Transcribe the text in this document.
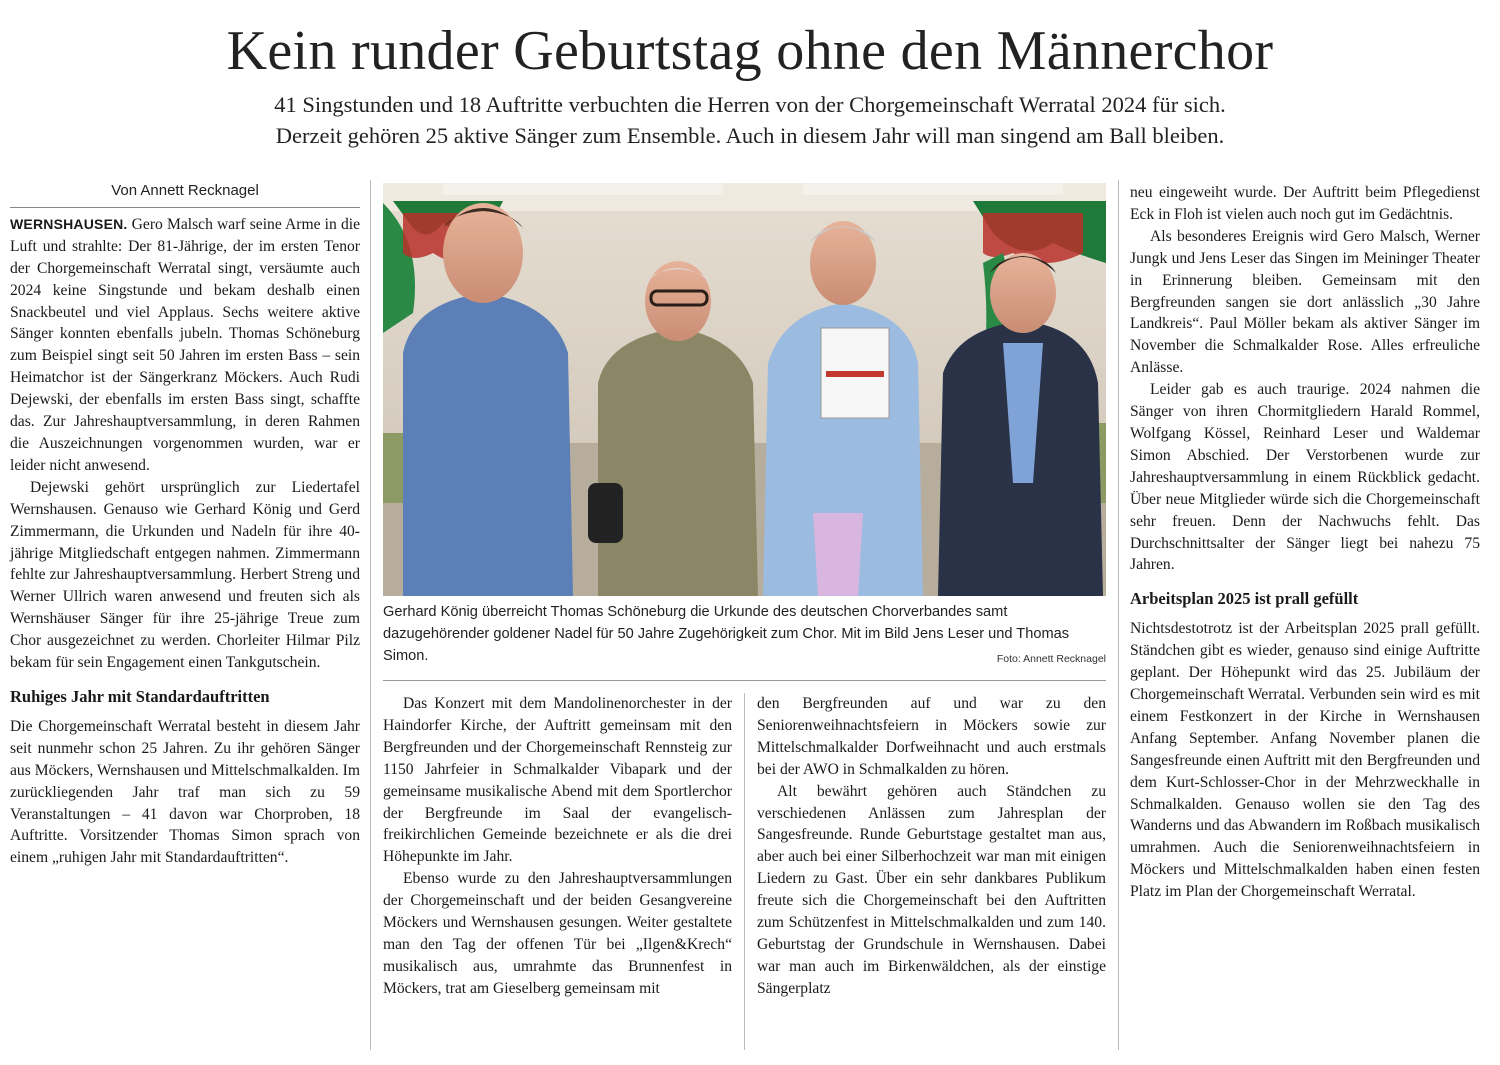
Kein runder Geburtstag ohne den Männerchor
41 Singstunden und 18 Auftritte verbuchten die Herren von der Chorgemeinschaft Werratal 2024 für sich.
Derzeit gehören 25 aktive Sänger zum Ensemble. Auch in diesem Jahr will man singend am Ball bleiben.
Von Annett Recknagel

WERNSHAUSEN. Gero Malsch warf seine Arme in die Luft und strahlte: Der 81-Jährige, der im ersten Tenor der Chorgemeinschaft Werratal singt, versäumte auch 2024 keine Singstunde und bekam deshalb einen Snackbeutel und viel Applaus. Sechs weitere aktive Sänger konnten ebenfalls jubeln. Thomas Schöneburg zum Beispiel singt seit 50 Jahren im ersten Bass – sein Heimatchor ist der Sängerkranz Möckers. Auch Rudi Dejewski, der ebenfalls im ersten Bass singt, schaffte das. Zur Jahreshauptversammlung, in deren Rahmen die Auszeichnungen vorgenommen wurden, war er leider nicht anwesend.

Dejewski gehört ursprünglich zur Liedertafel Wernshausen. Genauso wie Gerhard König und Gerd Zimmermann, die Urkunden und Nadeln für ihre 40-jährige Mitgliedschaft entgegen nahmen. Zimmermann fehlte zur Jahreshauptversammlung. Herbert Streng und Werner Ullrich waren anwesend und freuten sich als Wernshäuser Sänger für ihre 25-jährige Treue zum Chor ausgezeichnet zu werden. Chorleiter Hilmar Pilz bekam für sein Engagement einen Tankgutschein.

Ruhiges Jahr mit Standardauftritten

Die Chorgemeinschaft Werratal besteht in diesem Jahr seit nunmehr schon 25 Jahren. Zu ihr gehören Sänger aus Möckers, Wernshausen und Mittelschmalkalden. Im zurückliegenden Jahr traf man sich zu 59 Veranstaltungen – 41 davon war Chorproben, 18 Auftritte. Vorsitzender Thomas Simon sprach von einem „ruhigen Jahr mit Standardauftritten“.

Gerhard König überreicht Thomas Schöneburg die Urkunde des deutschen Chorverbandes samt dazugehörender goldener Nadel für 50 Jahre Zugehörigkeit zum Chor. Mit im Bild Jens Leser und Thomas Simon.	Foto: Annett Recknagel

Das Konzert mit dem Mandolinenorchester in der Haindorfer Kirche, der Auftritt gemeinsam mit den Bergfreunden und der Chorgemeinschaft Rennsteig zur 1150 Jahrfeier in Schmalkalder Vibapark und der gemeinsame musikalische Abend mit dem Sportlerchor der Bergfreunde im Saal der evangelisch-freikirchlichen Gemeinde bezeichnete er als die drei Höhepunkte im Jahr.

Ebenso wurde zu den Jahreshauptversammlungen der Chorgemeinschaft und der beiden Gesangvereine Möckers und Wernshausen gesungen. Weiter gestaltete man den Tag der offenen Tür bei „Ilgen&Krech“ musikalisch aus, umrahmte das Brunnenfest in Möckers, trat am Gieselberg gemeinsam mit

den Bergfreunden auf und war zu den Seniorenweihnachtsfeiern in Möckers sowie zur Mittelschmalkalder Dorfweihnacht und auch erstmals bei der AWO in Schmalkalden zu hören.

Alt bewährt gehören auch Ständchen zu verschiedenen Anlässen zum Jahresplan der Sangesfreunde. Runde Geburtstage gestaltet man aus, aber auch bei einer Silberhochzeit war man mit einigen Liedern zu Gast. Über ein sehr dankbares Publikum freute sich die Chorgemeinschaft bei den Auftritten zum Schützenfest in Mittelschmalkalden und zum 140. Geburtstag der Grundschule in Wernshausen. Dabei war man auch im Birkenwäldchen, als der einstige Sängerplatz

neu eingeweiht wurde. Der Auftritt beim Pflegedienst Eck in Floh ist vielen auch noch gut im Gedächtnis.

Als besonderes Ereignis wird Gero Malsch, Werner Jungk und Jens Leser das Singen im Meininger Theater in Erinnerung bleiben. Gemeinsam mit den Bergfreunden sangen sie dort anlässlich „30 Jahre Landkreis“. Paul Möller bekam als aktiver Sänger im November die Schmalkalder Rose. Alles erfreuliche Anlässe.

Leider gab es auch traurige. 2024 nahmen die Sänger von ihren Chormitgliedern Harald Rommel, Wolfgang Kössel, Reinhard Leser und Waldemar Simon Abschied. Der Verstorbenen wurde zur Jahreshauptversammlung in einem Rückblick gedacht. Über neue Mitglieder würde sich die Chorgemeinschaft sehr freuen. Denn der Nachwuchs fehlt. Das Durchschnittsalter der Sänger liegt bei nahezu 75 Jahren.

Arbeitsplan 2025 ist prall gefüllt

Nichtsdestotrotz ist der Arbeitsplan 2025 prall gefüllt. Ständchen gibt es wieder, genauso sind einige Auftritte geplant. Der Höhepunkt wird das 25. Jubiläum der Chorgemeinschaft Werratal. Verbunden sein wird es mit einem Festkonzert in der Kirche in Wernshausen Anfang September. Anfang November planen die Sangesfreunde einen Auftritt mit den Bergfreunden und dem Kurt-Schlosser-Chor in der Mehrzweckhalle in Schmalkalden. Genauso wollen sie den Tag des Wanderns und das Abwandern im Roßbach musikalisch umrahmen. Auch die Seniorenweihnachtsfeiern in Möckers und Mittelschmalkalden haben einen festen Platz im Plan der Chorgemeinschaft Werratal.
